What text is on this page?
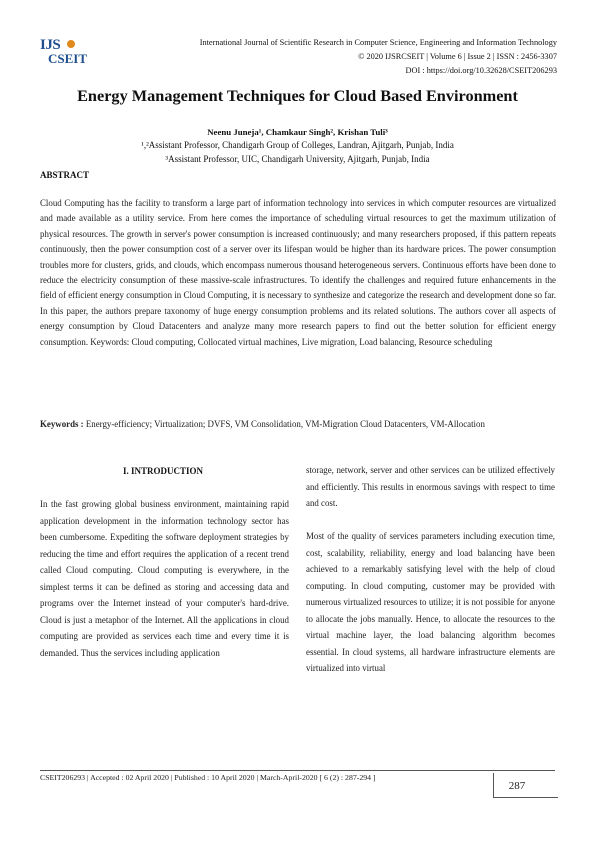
IJS
CSEIT
International Journal of Scientific Research in Computer Science, Engineering and Information Technology
© 2020 IJSRCSEIT | Volume 6 | Issue 2 | ISSN : 2456-3307
DOI : https://doi.org/10.32628/CSEIT206293
Energy Management Techniques for Cloud Based Environment
Neenu Juneja¹, Chamkaur Singh², Krishan Tuli³
¹,²Assistant Professor, Chandigarh Group of Colleges, Landran, Ajitgarh, Punjab, India
³Assistant Professor, UIC, Chandigarh University, Ajitgarh, Punjab, India
ABSTRACT
Cloud Computing has the facility to transform a large part of information technology into services in which computer resources are virtualized and made available as a utility service. From here comes the importance of scheduling virtual resources to get the maximum utilization of physical resources. The growth in server's power consumption is increased continuously; and many researchers proposed, if this pattern repeats continuously, then the power consumption cost of a server over its lifespan would be higher than its hardware prices. The power consumption troubles more for clusters, grids, and clouds, which encompass numerous thousand heterogeneous servers. Continuous efforts have been done to reduce the electricity consumption of these massive-scale infrastructures. To identify the challenges and required future enhancements in the field of efficient energy consumption in Cloud Computing, it is necessary to synthesize and categorize the research and development done so far. In this paper, the authors prepare taxonomy of huge energy consumption problems and its related solutions. The authors cover all aspects of energy consumption by Cloud Datacenters and analyze many more research papers to find out the better solution for efficient energy consumption. Keywords: Cloud computing, Collocated virtual machines, Live migration, Load balancing, Resource scheduling
Keywords : Energy-efficiency; Virtualization; DVFS, VM Consolidation, VM-Migration Cloud Datacenters, VM-Allocation
I. INTRODUCTION
In the fast growing global business environment, maintaining rapid application development in the information technology sector has been cumbersome. Expediting the software deployment strategies by reducing the time and effort requires the application of a recent trend called Cloud computing. Cloud computing is everywhere, in the simplest terms it can be defined as storing and accessing data and programs over the Internet instead of your computer's hard-drive. Cloud is just a metaphor of the Internet. All the applications in cloud computing are provided as services each time and every time it is demanded. Thus the services including application
storage, network, server and other services can be utilized effectively and efficiently. This results in enormous savings with respect to time and cost.
Most of the quality of services parameters including execution time, cost, scalability, reliability, energy and load balancing have been achieved to a remarkably satisfying level with the help of cloud computing. In cloud computing, customer may be provided with numerous virtualized resources to utilize; it is not possible for anyone to allocate the jobs manually. Hence, to allocate the resources to the virtual machine layer, the load balancing algorithm becomes essential. In cloud systems, all hardware infrastructure elements are virtualized into virtual
CSEIT206293 | Accepted : 02 April 2020 | Published : 10 April 2020 | March-April-2020 [ 6 (2) : 287-294 ]
287
